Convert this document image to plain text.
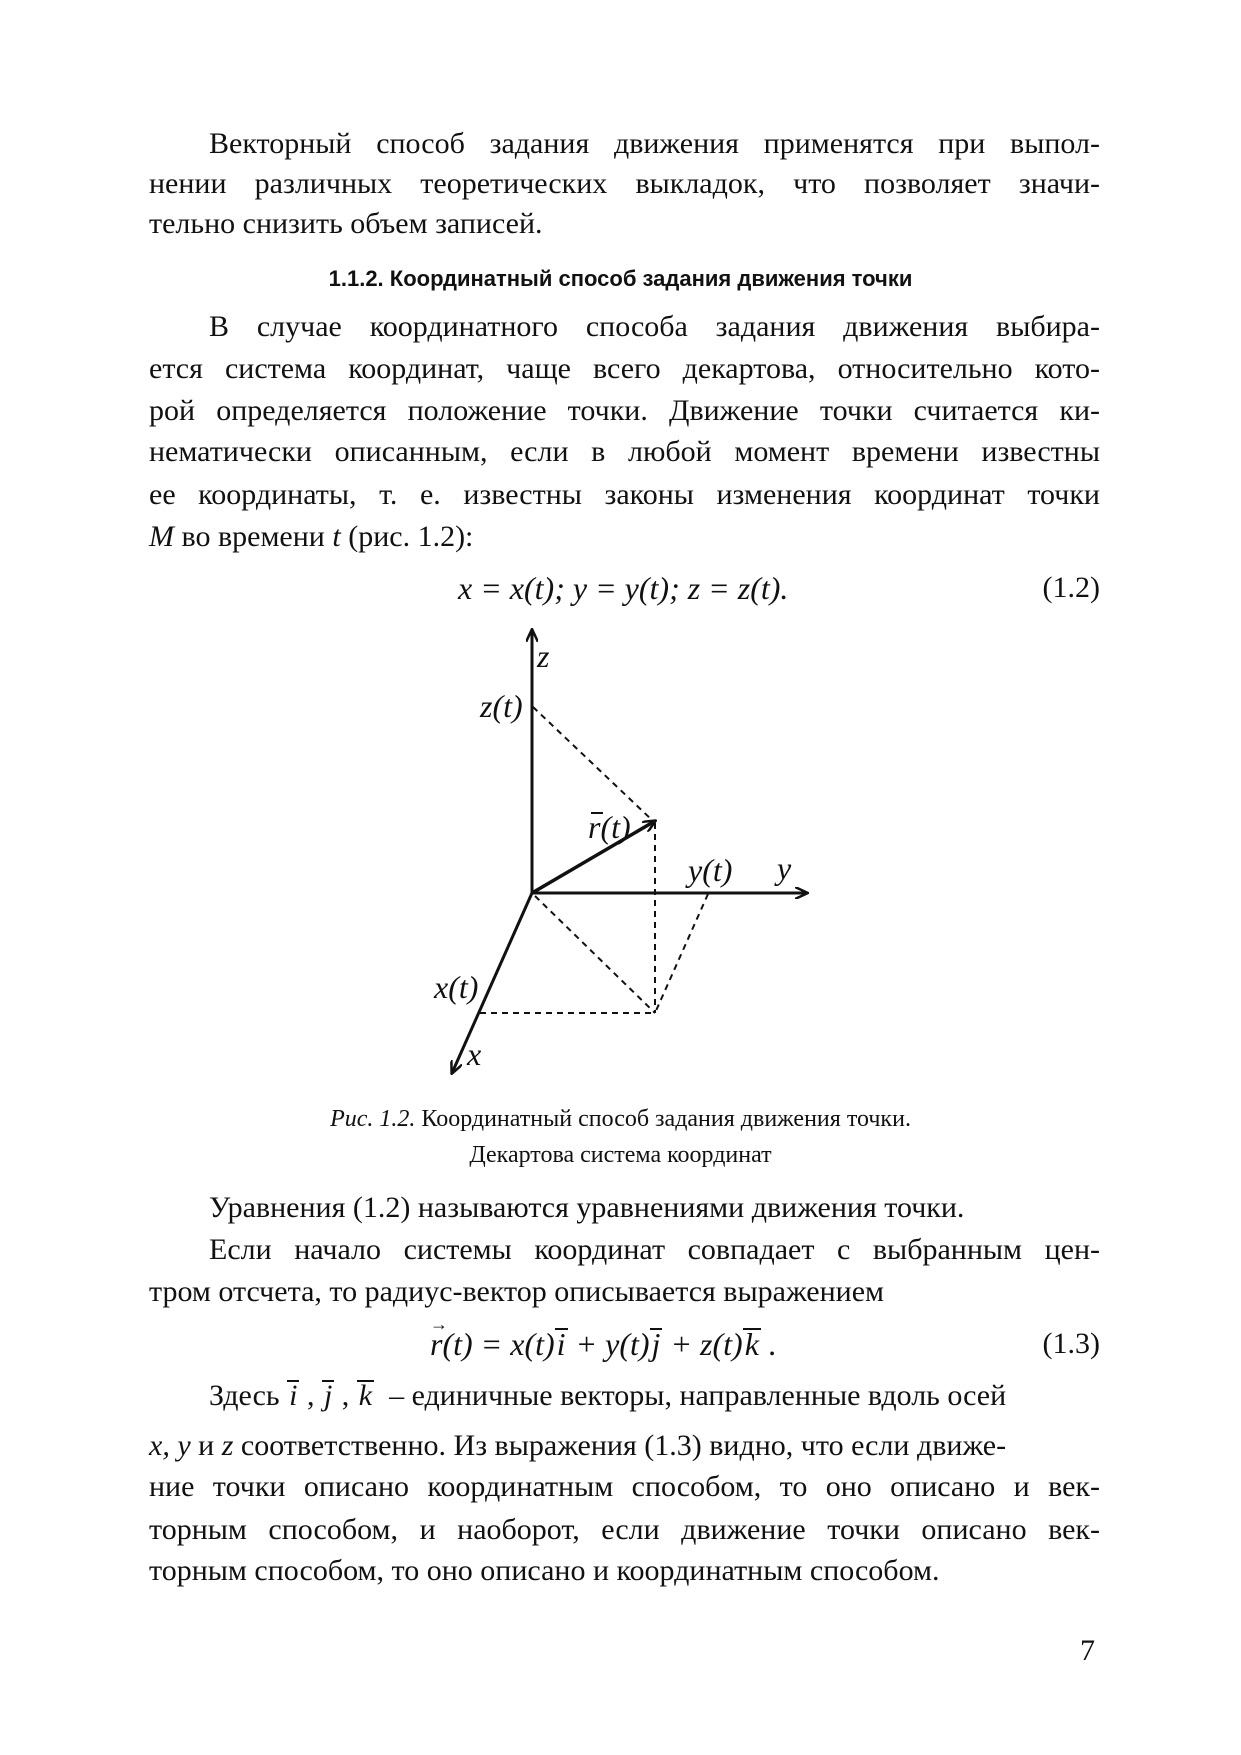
Векторный способ задания движения применятся при выпол-
нении различных теоретических выкладок, что позволяет значи-
тельно снизить объем записей.
1.1.2. Координатный способ задания движения точки
В случае координатного способа задания движения выбира-
ется система координат, чаще всего декартова, относительно кото-
рой определяется положение точки. Движение точки считается ки-
нематически описанным, если в любой момент времени известны
ее координаты, т. е. известны законы изменения координат точки
M во времени t (рис. 1.2):
x = x(t); y = y(t); z = z(t).	(1.2)
z
z(t)
r(t)
y(t) y
x(t)
x
Рис. 1.2. Координатный способ задания движения точки.
Декартова система координат
Уравнения (1.2) называются уравнениями движения точки.
Если начало системы координат совпадает с выбранным цен-
тром отсчета, то радиус-вектор описывается выражением
→ r(t) = x(t)i + y(t)j + z(t)k .	(1.3)
Здесь i , j , k  – единичные векторы, направленные вдоль осей
x, y и z соответственно. Из выражения (1.3) видно, что если движе-
ние точки описано координатным способом, то оно описано и век-
торным способом, и наоборот, если движение точки описано век-
торным способом, то оно описано и координатным способом.
7
